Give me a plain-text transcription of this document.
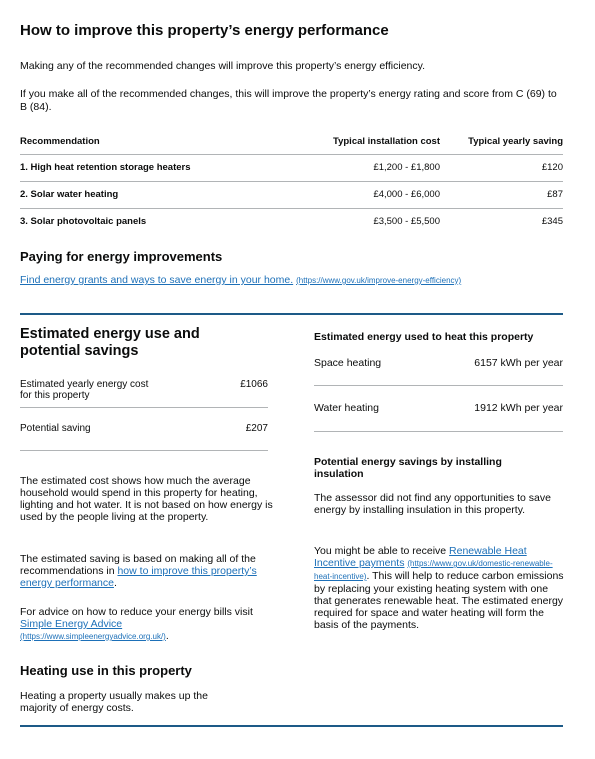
How to improve this property’s energy performance
Making any of the recommended changes will improve this property’s energy efficiency.
If you make all of the recommended changes, this will improve the property’s energy rating and score from C (69) to B (84).
Recommendation	Typical installation cost	Typical yearly saving
1. High heat retention storage heaters	£1,200 - £1,800	£120
2. Solar water heating	£4,000 - £6,000	£87
3. Solar photovoltaic panels	£3,500 - £5,500	£345
Paying for energy improvements
Find energy grants and ways to save energy in your home. (https://www.gov.uk/improve-energy-efficiency)
Estimated energy use and potential savings
Estimated yearly energy cost for this property
£1066
Potential saving	£207
The estimated cost shows how much the average household would spend in this property for heating, lighting and hot water. It is not based on how energy is used by the people living at the property.
The estimated saving is based on making all of the recommendations in how to improve this property’s energy performance.
For advice on how to reduce your energy bills visit Simple Energy Advice
(https://www.simpleenergyadvice.org.uk/).
Heating use in this property
Heating a property usually makes up the majority of energy costs.
Estimated energy used to heat this property
Space heating	6157 kWh per year
Water heating	1912 kWh per year
Potential energy savings by installing insulation
The assessor did not find any opportunities to save energy by installing insulation in this property.
You might be able to receive Renewable Heat Incentive payments (https://www.gov.uk/domestic-renewable-heat-incentive). This will help to reduce carbon emissions by replacing your existing heating system with one that generates renewable heat. The estimated energy required for space and water heating will form the basis of the payments.
